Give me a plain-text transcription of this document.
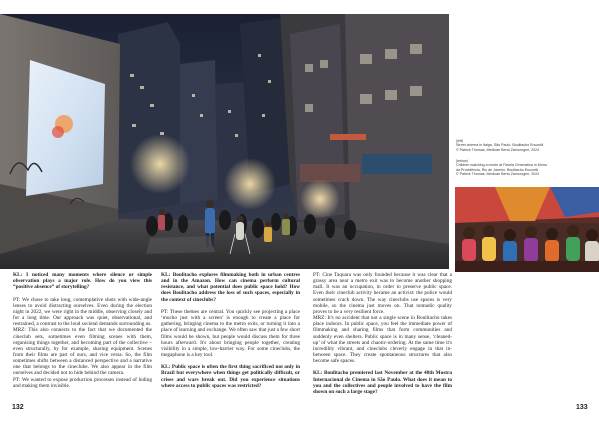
(left)

Street cinema in Itaiga, São Paulo. Boulitacho Encontã

© Patrick Thomas, Medicae Berto Zamorogen, 2024

(below)

Children watching a movie at Favela Cinematica in Morro

da Providência, Rio de Janeiro. Boulitacho Encontã

© Patrick Thomas, Medicae Berto Zamorogen, 2024

KL: I noticed many moments where silence or simple observation plays a major role. How do you view this “positive absence” of storytelling?

PT: We chose to take long, contemplative shots with wide-angle lenses to avoid distracting ourselves. Even during the election night in 2022, we were right in the middle, observing closely and for a long time. Our approach was quiet, observational, and restrained, a contrast to the loud societal demands surrounding us.

MRZ: This also connects to the fact that we documented the cineclub sets, sometimes even filming scenes with them, organising things together, and becoming part of the collective – even structurally, by for example, sharing equipment. Scenes from their films are part of ours, and vice versa. So, the film sometimes shifts between a distanced perspective and a narrative one that belongs to the cineclube. We also appear in the film ourselves and decided not to hide behind the camera.

PT: We wanted to expose production processes instead of hiding and making them invisible.

KL: Boulitacho explores filmmaking both in urban centres and in the Amazon. How can cinema perform cultural resistance, and what potential does public space hold? How does Boulitacho address the loss of such spaces, especially in the context of cineclubs?

PT: These themes are central. You quickly see projecting a place ‘mucho just with a screen’ is enough to create a place for gathering, bringing cinema to the metro exits, or turning it into a place of learning and exchange. We often saw that just a few short films would be shown, but people would discuss them for three hours afterward. It's about bringing people together, creating visibility in a simple, low-barrier way. For some cineclubs, the megaphone is a key tool.

KL: Public space is often the first thing sacrificed not only in Brazil but everywhere when things get politically difficult, or crises and wars break out. Did you experience situations where access to public spaces was restricted?

PT: Cine Taquara was only founded because it was clear that a grassy area near a metro exit was to become another shopping mall. It was an occupation, in order to preserve public space. Even their cineclub activity became an activist: the police would sometimes crack down. The way cineclubs use spaces is very mobile, so the cinema just moves on. That nomadic quality proves to be a very resilient force.

MRZ: It's no accident that not a single scene in Boulitacho takes place indoors. In public space, you feel the immediate power of filmmaking and sharing films that form communities and suddenly even shelters. Public space is in many sense, ‘cleaned-up’ of what the streets and chaotic-ordering. At the same time it's incredibly vibrant, and cineclubs cleverly engage in that in-between space. They create spontaneous structures that also become safe spaces.

KL: Boulitacho premiered last November at the 48th Mostra Internacional de Cinema in São Paulo. What does it mean to you and the collectives and people involved to have the film shown on such a large stage?

132	133
